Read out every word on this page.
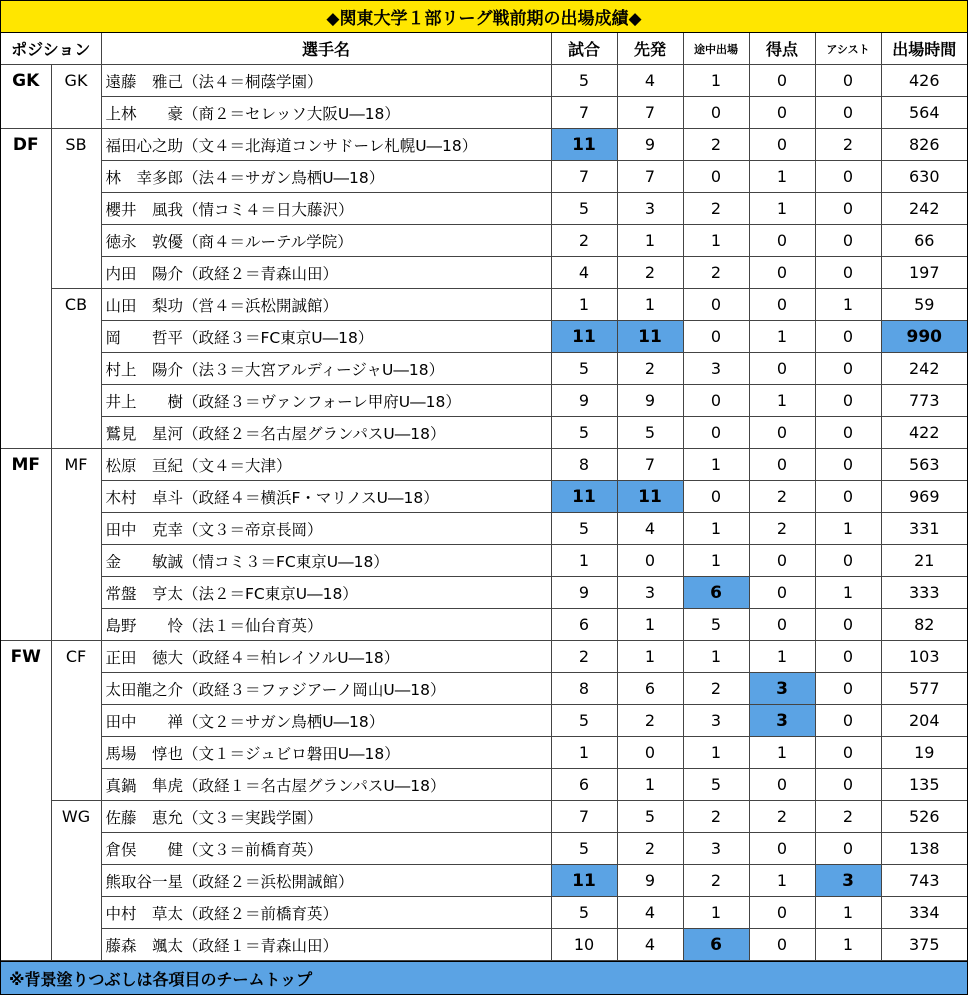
◆関東大学１部リーグ戦前期の出場成績◆
ポジション		選手名	試合	先発	途中出場	得点	アシスト	出場時間
GK	GK	遠藤　雅己（法４＝桐蔭学園）	5	4	1	0	0	426
		上林　　豪（商２＝セレッソ大阪U―18）	7	7	0	0	0	564
DF	SB	福田心之助（文４＝北海道コンサドーレ札幌U―18）	11	9	2	0	2	826
		林　幸多郎（法４＝サガン鳥栖U―18）	7	7	0	1	0	630
		櫻井　風我（情コミ４＝日大藤沢）	5	3	2	1	0	242
		徳永　敦優（商４＝ルーテル学院）	2	1	1	0	0	66
		内田　陽介（政経２＝青森山田）	4	2	2	0	0	197
	CB	山田　梨功（営４＝浜松開誠館）	1	1	0	0	1	59
		岡　　哲平（政経３＝FC東京U―18）	11	11	0	1	0	990
		村上　陽介（法３＝大宮アルディージャU―18）	5	2	3	0	0	242
		井上　　樹（政経３＝ヴァンフォーレ甲府U―18）	9	9	0	1	0	773
		鷲見　星河（政経２＝名古屋グランパスU―18）	5	5	0	0	0	422
MF	MF	松原　亘紀（文４＝大津）	8	7	1	0	0	563
		木村　卓斗（政経４＝横浜F・マリノスU―18）	11	11	0	2	0	969
		田中　克幸（文３＝帝京長岡）	5	4	1	2	1	331
		金　　敏誠（情コミ３＝FC東京U―18）	1	0	1	0	0	21
		常盤　亨太（法２＝FC東京U―18）	9	3	6	0	1	333
		島野　　怜（法１＝仙台育英）	6	1	5	0	0	82
FW	CF	正田　徳大（政経４＝柏レイソルU―18）	2	1	1	1	0	103
		太田龍之介（政経３＝ファジアーノ岡山U―18）	8	6	2	3	0	577
		田中　　禅（文２＝サガン鳥栖U―18）	5	2	3	3	0	204
		馬場　惇也（文１＝ジュビロ磐田U―18）	1	0	1	1	0	19
		真鍋　隼虎（政経１＝名古屋グランパスU―18）	6	1	5	0	0	135
	WG	佐藤　恵允（文３＝実践学園）	7	5	2	2	2	526
		倉俣　　健（文３＝前橋育英）	5	2	3	0	0	138
		熊取谷一星（政経２＝浜松開誠館）	11	9	2	1	3	743
		中村　草太（政経２＝前橋育英）	5	4	1	0	1	334
		藤森　颯太（政経１＝青森山田）	10	4	6	0	1	375
※背景塗りつぶしは各項目のチームトップ
